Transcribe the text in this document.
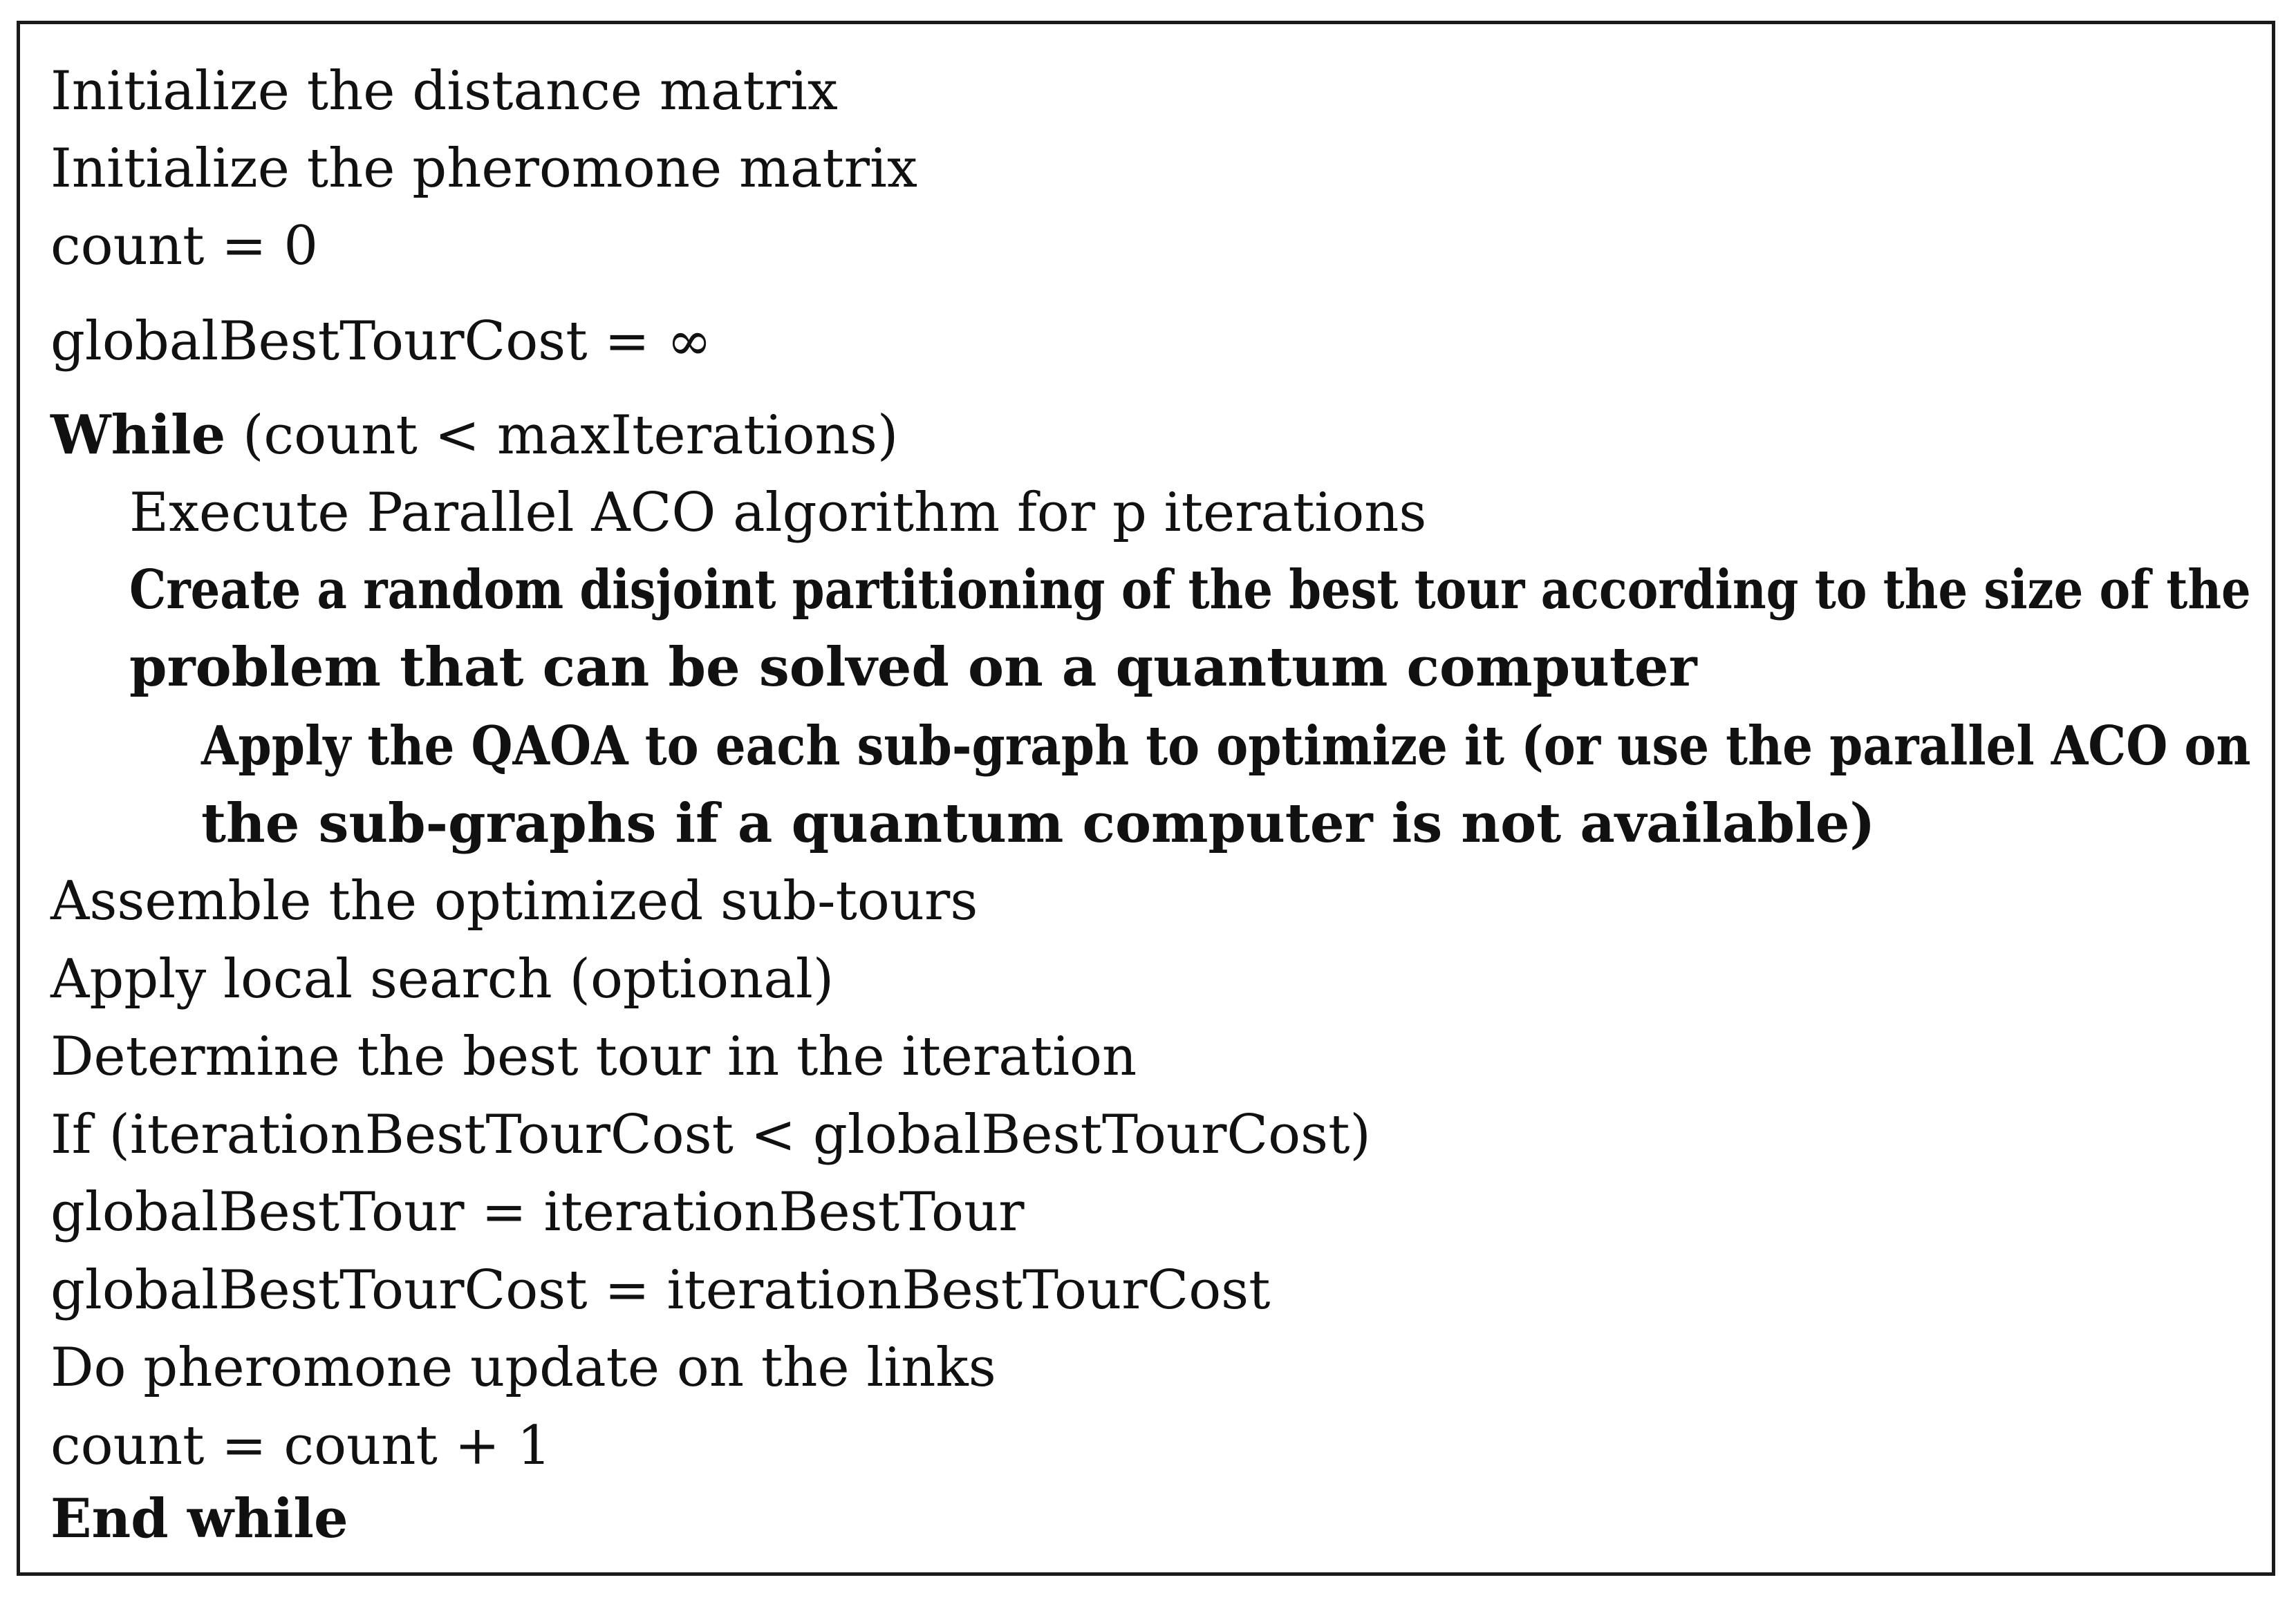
Initialize the distance matrix
Initialize the pheromone matrix
count = 0
globalBestTourCost = ∞
While (count < maxIterations)
Execute Parallel ACO algorithm for p iterations
Create a random disjoint partitioning of the best tour according to the size of the
problem that can be solved on a quantum computer
Apply the QAOA to each sub-graph to optimize it (or use the parallel ACO on
the sub-graphs if a quantum computer is not available)
Assemble the optimized sub-tours
Apply local search (optional)
Determine the best tour in the iteration
If (iterationBestTourCost < globalBestTourCost)
globalBestTour = iterationBestTour
globalBestTourCost = iterationBestTourCost
Do pheromone update on the links
count = count + 1
End while
